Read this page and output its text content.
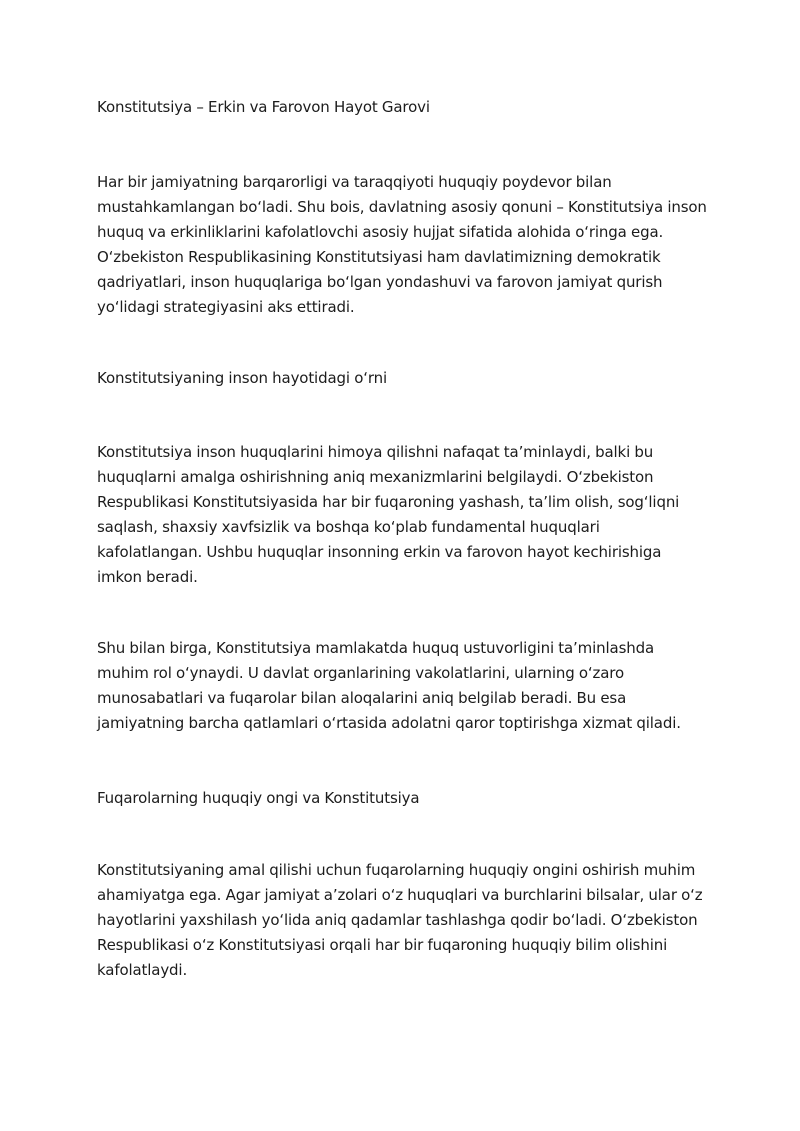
Konstitutsiya – Erkin va Farovon Hayot Garovi

Har bir jamiyatning barqarorligi va taraqqiyoti huquqiy poydevor bilan mustahkamlangan bo‘ladi. Shu bois, davlatning asosiy qonuni – Konstitutsiya inson huquq va erkinliklarini kafolatlovchi asosiy hujjat sifatida alohida o‘ringa ega. O‘zbekiston Respublikasining Konstitutsiyasi ham davlatimizning demokratik qadriyatlari, inson huquqlariga bo‘lgan yondashuvi va farovon jamiyat qurish yo‘lidagi strategiyasini aks ettiradi.

Konstitutsiyaning inson hayotidagi o‘rni

Konstitutsiya inson huquqlarini himoya qilishni nafaqat ta’minlaydi, balki bu huquqlarni amalga oshirishning aniq mexanizmlarini belgilaydi. O‘zbekiston Respublikasi Konstitutsiyasida har bir fuqaroning yashash, ta’lim olish, sog‘liqni saqlash, shaxsiy xavfsizlik va boshqa ko‘plab fundamental huquqlari kafolatlangan. Ushbu huquqlar insonning erkin va farovon hayot kechirishiga imkon beradi.

Shu bilan birga, Konstitutsiya mamlakatda huquq ustuvorligini ta’minlashda muhim rol o‘ynaydi. U davlat organlarining vakolatlarini, ularning o‘zaro munosabatlari va fuqarolar bilan aloqalarini aniq belgilab beradi. Bu esa jamiyatning barcha qatlamlari o‘rtasida adolatni qaror toptirishga xizmat qiladi.

Fuqarolarning huquqiy ongi va Konstitutsiya

Konstitutsiyaning amal qilishi uchun fuqarolarning huquqiy ongini oshirish muhim ahamiyatga ega. Agar jamiyat a’zolari o‘z huquqlari va burchlarini bilsalar, ular o‘z hayotlarini yaxshilash yo‘lida aniq qadamlar tashlashga qodir bo‘ladi. O‘zbekiston Respublikasi o‘z Konstitutsiyasi orqali har bir fuqaroning huquqiy bilim olishini kafolatlaydi.
